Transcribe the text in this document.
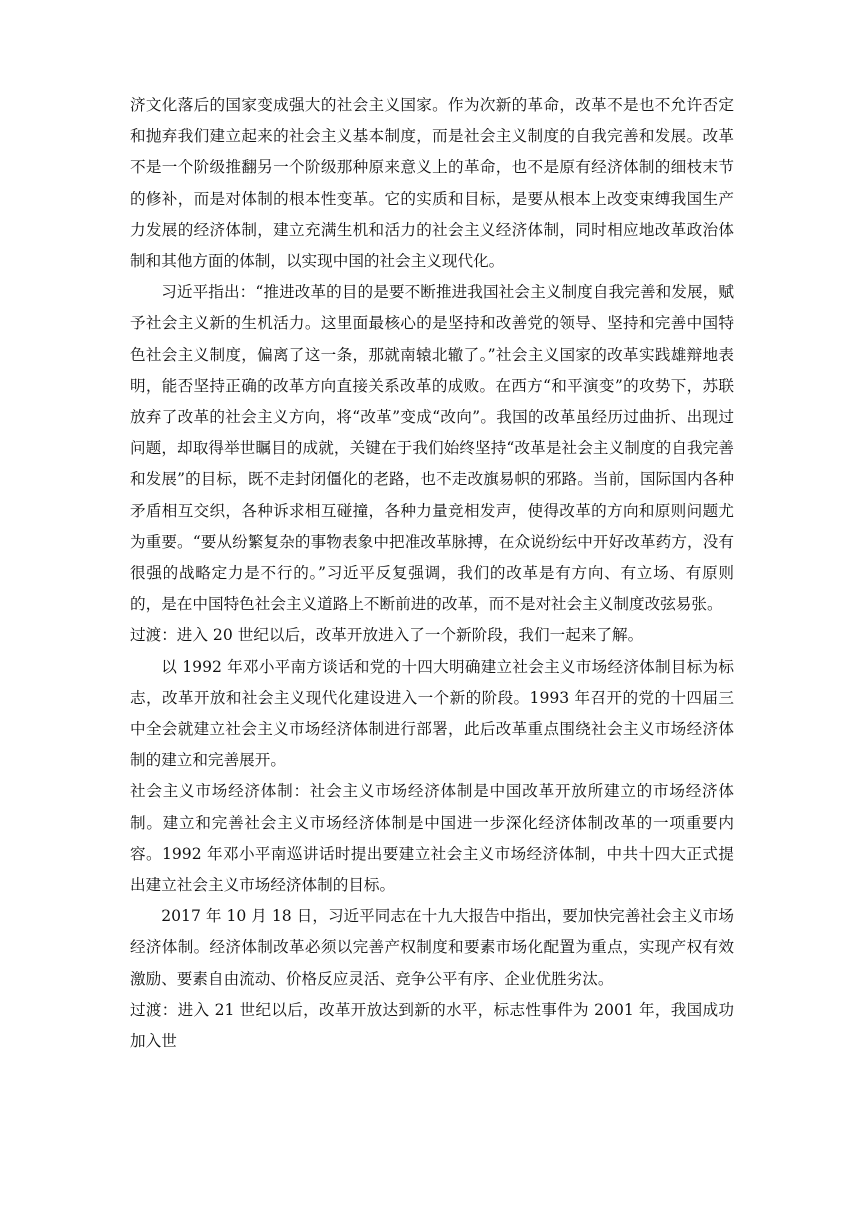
济文化落后的国家变成强大的社会主义国家。作为次新的革命，改革不是也不允许否定和抛弃我们建立起来的社会主义基本制度，而是社会主义制度的自我完善和发展。改革不是一个阶级推翻另一个阶级那种原来意义上的革命，也不是原有经济体制的细枝末节的修补，而是对体制的根本性变革。它的实质和目标，是要从根本上改变束缚我国生产力发展的经济体制，建立充满生机和活力的社会主义经济体制，同时相应地改革政治体制和其他方面的体制，以实现中国的社会主义现代化。

习近平指出：“推进改革的目的是要不断推进我国社会主义制度自我完善和发展，赋予社会主义新的生机活力。这里面最核心的是坚持和改善党的领导、坚持和完善中国特色社会主义制度，偏离了这一条，那就南辕北辙了。”社会主义国家的改革实践雄辩地表明，能否坚持正确的改革方向直接关系改革的成败。在西方“和平演变”的攻势下，苏联放弃了改革的社会主义方向，将“改革”变成“改向”。我国的改革虽经历过曲折、出现过问题，却取得举世瞩目的成就，关键在于我们始终坚持“改革是社会主义制度的自我完善和发展”的目标，既不走封闭僵化的老路，也不走改旗易帜的邪路。当前，国际国内各种矛盾相互交织，各种诉求相互碰撞，各种力量竞相发声，使得改革的方向和原则问题尤为重要。“要从纷繁复杂的事物表象中把准改革脉搏，在众说纷纭中开好改革药方，没有很强的战略定力是不行的。”习近平反复强调，我们的改革是有方向、有立场、有原则的，是在中国特色社会主义道路上不断前进的改革，而不是对社会主义制度改弦易张。

过渡：进入 20 世纪以后，改革开放进入了一个新阶段，我们一起来了解。

以 1992 年邓小平南方谈话和党的十四大明确建立社会主义市场经济体制目标为标志，改革开放和社会主义现代化建设进入一个新的阶段。1993 年召开的党的十四届三中全会就建立社会主义市场经济体制进行部署，此后改革重点围绕社会主义市场经济体制的建立和完善展开。

社会主义市场经济体制：社会主义市场经济体制是中国改革开放所建立的市场经济体制。建立和完善社会主义市场经济体制是中国进一步深化经济体制改革的一项重要内容。1992 年邓小平南巡讲话时提出要建立社会主义市场经济体制，中共十四大正式提出建立社会主义市场经济体制的目标。

2017 年 10 月 18 日，习近平同志在十九大报告中指出，要加快完善社会主义市场经济体制。经济体制改革必须以完善产权制度和要素市场化配置为重点，实现产权有效激励、要素自由流动、价格反应灵活、竞争公平有序、企业优胜劣汰。

过渡：进入 21 世纪以后，改革开放达到新的水平，标志性事件为 2001 年，我国成功加入世
